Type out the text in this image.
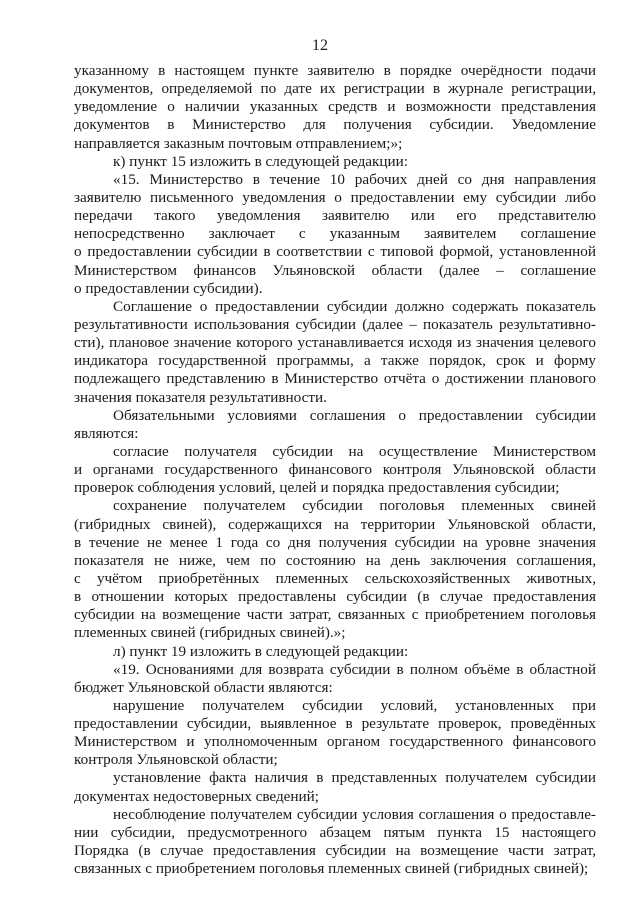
12
указанному в настоящем пункте заявителю в порядке очерёдности подачи
документов, определяемой по дате их регистрации в журнале регистрации,
уведомление о наличии указанных средств и возможности представления
документов в Министерство для получения субсидии. Уведомление
направляется заказным почтовым отправлением;»;
к) пункт 15 изложить в следующей редакции:
«15. Министерство в течение 10 рабочих дней со дня направления
заявителю письменного уведомления о предоставлении ему субсидии либо
передачи такого уведомления заявителю или его представителю
непосредственно заключает с указанным заявителем соглашение
о предоставлении субсидии в соответствии с типовой формой, установленной
Министерством финансов Ульяновской области (далее – соглашение
о предоставлении субсидии).
Соглашение о предоставлении субсидии должно содержать показатель
результативности использования субсидии (далее – показатель результативно-
сти), плановое значение которого устанавливается исходя из значения целевого
индикатора государственной программы, а также порядок, срок и форму
подлежащего представлению в Министерство отчёта о достижении планового
значения показателя результативности.
Обязательными условиями соглашения о предоставлении субсидии
являются:
согласие получателя субсидии на осуществление Министерством
и органами государственного финансового контроля Ульяновской области
проверок соблюдения условий, целей и порядка предоставления субсидии;
сохранение получателем субсидии поголовья племенных свиней
(гибридных свиней), содержащихся на территории Ульяновской области,
в течение не менее 1 года со дня получения субсидии на уровне значения
показателя не ниже, чем по состоянию на день заключения соглашения,
с учётом приобретённых племенных сельскохозяйственных животных,
в отношении которых предоставлены субсидии (в случае предоставления
субсидии на возмещение части затрат, связанных с приобретением поголовья
племенных свиней (гибридных свиней).»;
л) пункт 19 изложить в следующей редакции:
«19. Основаниями для возврата субсидии в полном объёме в областной
бюджет Ульяновской области являются:
нарушение получателем субсидии условий, установленных при
предоставлении субсидии, выявленное в результате проверок, проведённых
Министерством и уполномоченным органом государственного финансового
контроля Ульяновской области;
установление факта наличия в представленных получателем субсидии
документах недостоверных сведений;
несоблюдение получателем субсидии условия соглашения о предоставле-
нии субсидии, предусмотренного абзацем пятым пункта 15 настоящего
Порядка (в случае предоставления субсидии на возмещение части затрат,
связанных с приобретением поголовья племенных свиней (гибридных свиней);
